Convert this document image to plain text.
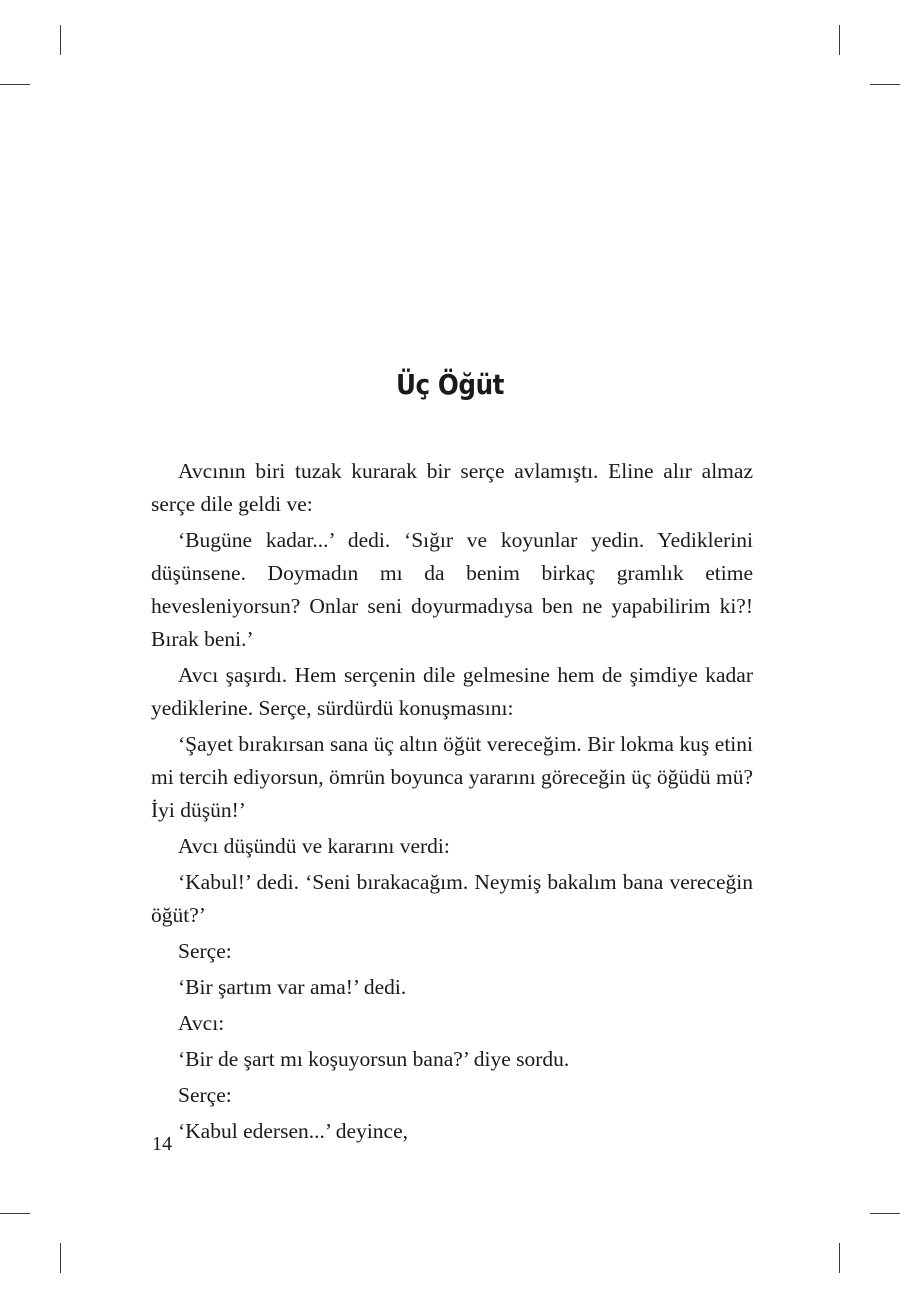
Üç Öğüt

Avcının biri tuzak kurarak bir serçe avlamıştı. Eline alır almaz serçe dile geldi ve:

‘Bugüne kadar...’ dedi. ‘Sığır ve koyunlar yedin. Yediklerini düşünsene. Doymadın mı da benim birkaç gramlık etime hevesleniyorsun? Onlar seni doyurmadıysa ben ne yapabilirim ki?! Bırak beni.’

Avcı şaşırdı. Hem serçenin dile gelmesine hem de şimdiye kadar yediklerine. Serçe, sürdürdü konuşmasını:

‘Şayet bırakırsan sana üç altın öğüt vereceğim. Bir lokma kuş etini mi tercih ediyorsun, ömrün boyunca yararını göreceğin üç öğüdü mü? İyi düşün!’

Avcı düşündü ve kararını verdi:

‘Kabul!’ dedi. ‘Seni bırakacağım. Neymiş bakalım bana vereceğin öğüt?’

Serçe:

‘Bir şartım var ama!’ dedi.

Avcı:

‘Bir de şart mı koşuyorsun bana?’ diye sordu.

Serçe:

‘Kabul edersen...’ deyince,

14
